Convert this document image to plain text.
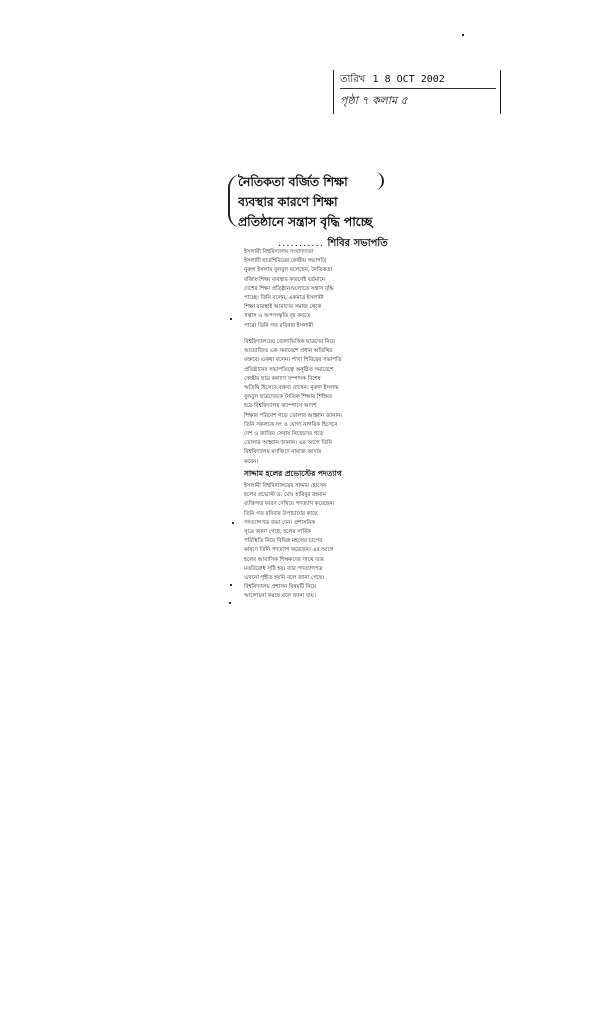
তারিখ 1 8 OCT 2002
পৃষ্ঠা ৭ কলাম ৫
নৈতিকতা বর্জিত শিক্ষা
ব্যবস্থার কারণে শিক্ষা
প্রতিষ্ঠানে সন্ত্রাস বৃদ্ধি পাচ্ছে
........... শিবির সভাপতি
ইসলামী বিশ্ববিদ্যালয় সংবাদদাতা
ইসলামী ছাত্রশিবিরের কেন্দ্রীয় সভাপতি
নুরুল ইসলাম বুলবুল বলেছেন, নৈতিকতা
বর্জিত শিক্ষা ব্যবস্থার কারণেই বর্তমানে
দেশের শিক্ষা প্রতিষ্ঠানগুলোতে সন্ত্রাস বৃদ্ধি
পাচ্ছে। তিনি বলেন, একমাত্র ইসলামী
শিক্ষা ব্যবস্থাই আমাদের সমাজ থেকে
সন্ত্রাস ও অপসংস্কৃতি দূর করতে
পারে। তিনি গত রবিবার ইসলামী
বিশ্ববিদ্যালয়ের জেলাভিত্তিক ছাত্রদের নিয়ে
আয়োজিত এক সমাবেশে প্রধান অতিথির
বক্তব্যে একথা বলেন। শাখা শিবিরের সভাপতি
প্রতিষ্ঠানের সভাপতিত্বে অনুষ্ঠিত সমাবেশে
কেন্দ্রীয় ছাত্র কল্যাণ সম্পাদক বিশেষ
অতিথি হিসেবে বক্তব্য রাখেন। নুরুল ইসলাম
বুলবুল ছাত্রদেরকে নৈতিক শিক্ষায় শিক্ষিত
হয়ে বিশ্ববিদ্যালয় ক্যাম্পাসে আদর্শ
শিক্ষার পরিবেশ গড়ে তোলার আহ্বান জানান।
তিনি সকলকে সৎ ও যোগ্য নাগরিক হিসেবে
দেশ ও জাতির সেবায় নিজেদের গড়ে
তোলার আহ্বান জানান। এর আগে তিনি
বিশ্ববিদ্যালয় মসজিদে নামাজ আদায়
করেন।
সাদ্দাম হলের প্রভোস্টের পদত্যাগ
ইসলামী বিশ্ববিদ্যালয়ের সাদ্দাম হোসেন
হলের প্রভোস্ট ড. মোঃ হাবিবুর রহমান
ব্যক্তিগত কারণ দেখিয়ে পদত্যাগ করেছেন।
তিনি গত রবিবার উপাচার্যের কাছে
পদত্যাগপত্র জমা দেন। প্রশাসনিক
সূত্রে জানা গেছে, হলের সার্বিক
পরিস্থিতি নিয়ে বিভিন্ন মহলের চাপের
কারণে তিনি পদত্যাগ করেছেন। এর আগে
হলের আবাসিক শিক্ষকদের সাথে তার
মতবিরোধ সৃষ্টি হয়। তার পদত্যাগপত্র
এখনো গৃহীত হয়নি বলে জানা গেছে।
বিশ্ববিদ্যালয় প্রশাসন বিষয়টি নিয়ে
আলোচনা করছে বলে জানা যায়।
